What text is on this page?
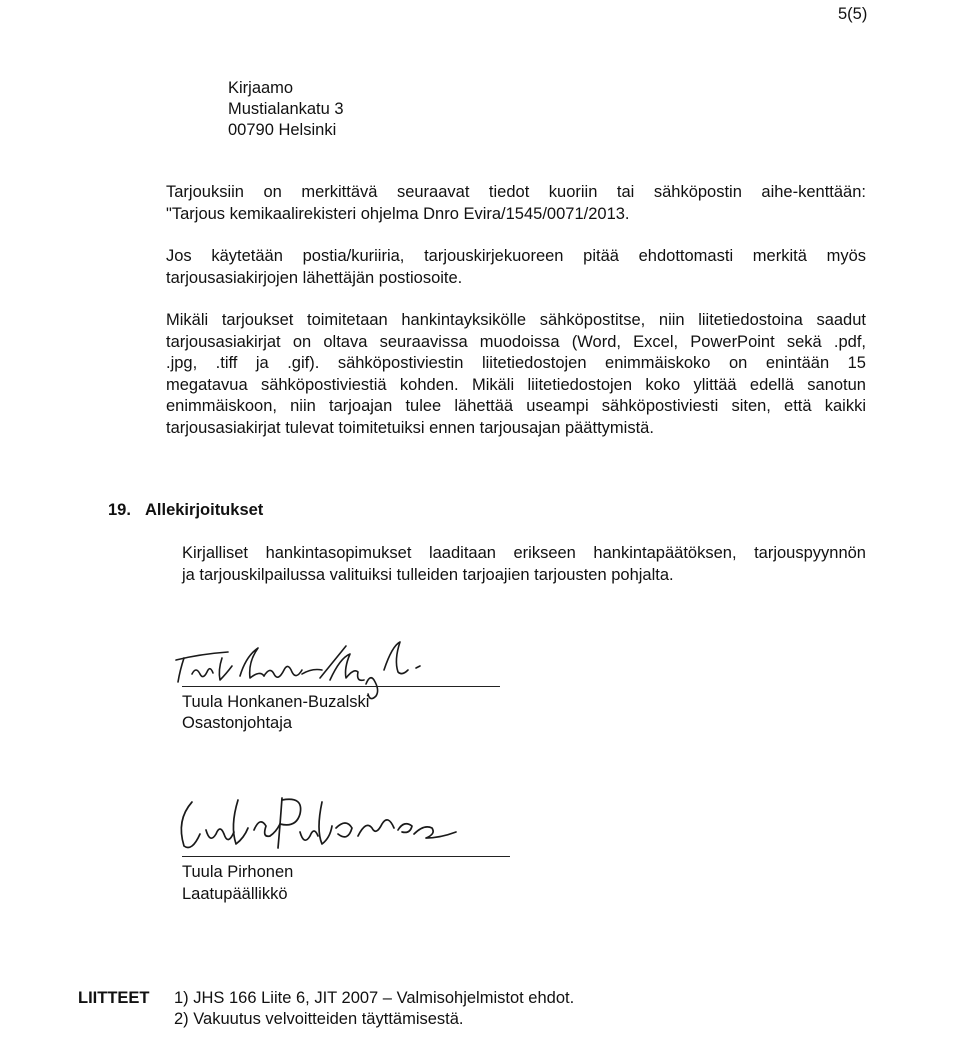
5(5)
Kirjaamo
Mustialankatu 3
00790 Helsinki
Tarjouksiin on merkittävä seuraavat tiedot kuoriin tai sähköpostin aihe-kenttään:
"Tarjous kemikaalirekisteri ohjelma Dnro Evira/1545/0071/2013.
Jos käytetään postia/kuriiria, tarjouskirjekuoreen pitää ehdottomasti merkitä myös
tarjousasiakirjojen lähettäjän postiosoite.
Mikäli tarjoukset toimitetaan hankintayksikölle sähköpostitse, niin liitetiedostoina saadut
tarjousasiakirjat on oltava seuraavissa muodoissa (Word, Excel, PowerPoint sekä .pdf,
.jpg, .tiff ja .gif). sähköpostiviestin liitetiedostojen enimmäiskoko on enintään 15
megatavua sähköpostiviestiä kohden. Mikäli liitetiedostojen koko ylittää edellä sanotun
enimmäiskoon, niin tarjoajan tulee lähettää useampi sähköpostiviesti siten, että kaikki
tarjousasiakirjat tulevat toimitetuiksi ennen tarjousajan päättymistä.
19. Allekirjoitukset
Kirjalliset hankintasopimukset laaditaan erikseen hankintapäätöksen, tarjouspyynnön
ja tarjouskilpailussa valituiksi tulleiden tarjoajien tarjousten pohjalta.
Tuula Honkanen-Buzalski
Osastonjohtaja
Tuula Pirhonen
Laatupäällikkö
LIITTEET 1) JHS 166 Liite 6, JIT 2007 – Valmisohjelmistot ehdot.
2) Vakuutus velvoitteiden täyttämisestä.
